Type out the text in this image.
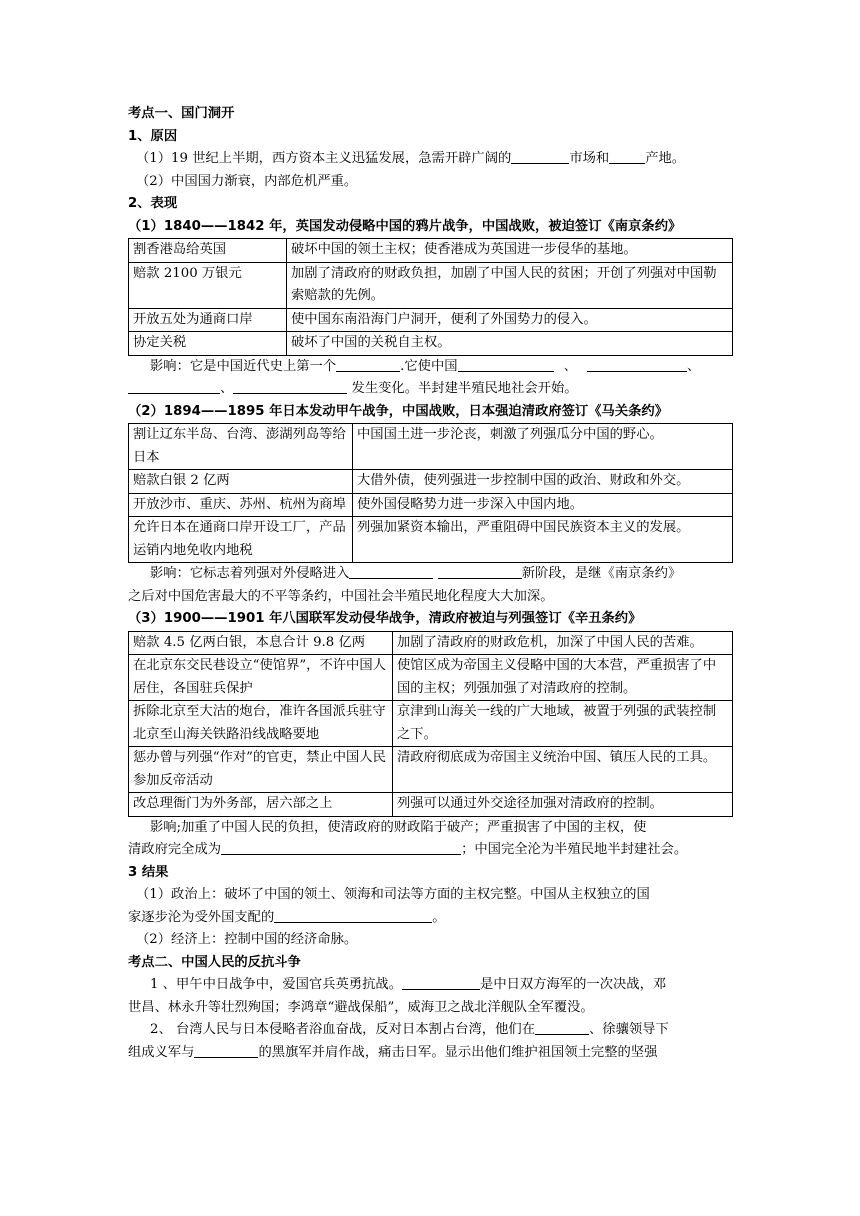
考点一、国门洞开

1、原因

（1）19 世纪上半期，西方资本主义迅猛发展，急需开辟广阔的	市场和	产地。

（2）中国国力渐衰，内部危机严重。

2、表现

（1）1840——1842 年，英国发动侵略中国的鸦片战争，中国战败，被迫签订《南京条约》

割香港岛给英国	破坏中国的领土主权；使香港成为英国进一步侵华的基地。
赔款 2100 万银元	加剧了清政府的财政负担，加剧了中国人民的贫困；开创了列强对中国勒索赔款的先例。
开放五处为通商口岸	使中国东南沿海门户洞开，便利了外国势力的侵入。
协定关税	破坏了中国的关税自主权。

影响：它是中国近代史上第一个	.它使中国	、	、

、	发生变化。半封建半殖民地社会开始。

（2）1894——1895 年日本发动甲午战争，中国战败，日本强迫清政府签订《马关条约》

割让辽东半岛、台湾、澎湖列岛等给日本	中国国土进一步沦丧，刺激了列强瓜分中国的野心。
赔款白银 2 亿两	大借外债，使列强进一步控制中国的政治、财政和外交。
开放沙市、重庆、苏州、杭州为商埠	使外国侵略势力进一步深入中国内地。
允许日本在通商口岸开设工厂，产品运销内地免收内地税	列强加紧资本输出，严重阻碍中国民族资本主义的发展。

影响：它标志着列强对外侵略进入	新阶段，是继《南京条约》

之后对中国危害最大的不平等条约，中国社会半殖民地化程度大大加深。

（3）1900——1901 年八国联军发动侵华战争，清政府被迫与列强签订《辛丑条约》

赔款 4.5 亿两白银，本息合计 9.8 亿两	加剧了清政府的财政危机，加深了中国人民的苦难。
在北京东交民巷设立“使馆界”，不许中国人居住，各国驻兵保护	使馆区成为帝国主义侵略中国的大本营，严重损害了中国的主权；列强加强了对清政府的控制。
拆除北京至大沽的炮台，准许各国派兵驻守北京至山海关铁路沿线战略要地	京津到山海关一线的广大地域，被置于列强的武装控制之下。
惩办曾与列强“作对”的官吏，禁止中国人民参加反帝活动	清政府彻底成为帝国主义统治中国、镇压人民的工具。
改总理衙门为外务部，居六部之上	列强可以通过外交途径加强对清政府的控制。

影响;加重了中国人民的负担，使清政府的财政陷于破产；严重损害了中国的主权，使

清政府完全成为	；中国完全沦为半殖民地半封建社会。

3 结果

（1）政治上：破坏了中国的领土、领海和司法等方面的主权完整。中国从主权独立的国

家逐步沦为受外国支配的	。

（2）经济上：控制中国的经济命脉。

考点二、中国人民的反抗斗争

1 、甲午中日战争中，爱国官兵英勇抗战。	是中日双方海军的一次决战，邓

世昌、林永升等壮烈殉国；李鸿章“避战保船”，威海卫之战北洋舰队全军覆没。

2、 台湾人民与日本侵略者浴血奋战，反对日本割占台湾，他们在	、徐骧领导下

组成义军与	的黑旗军并肩作战，痛击日军。显示出他们维护祖国领土完整的坚强
